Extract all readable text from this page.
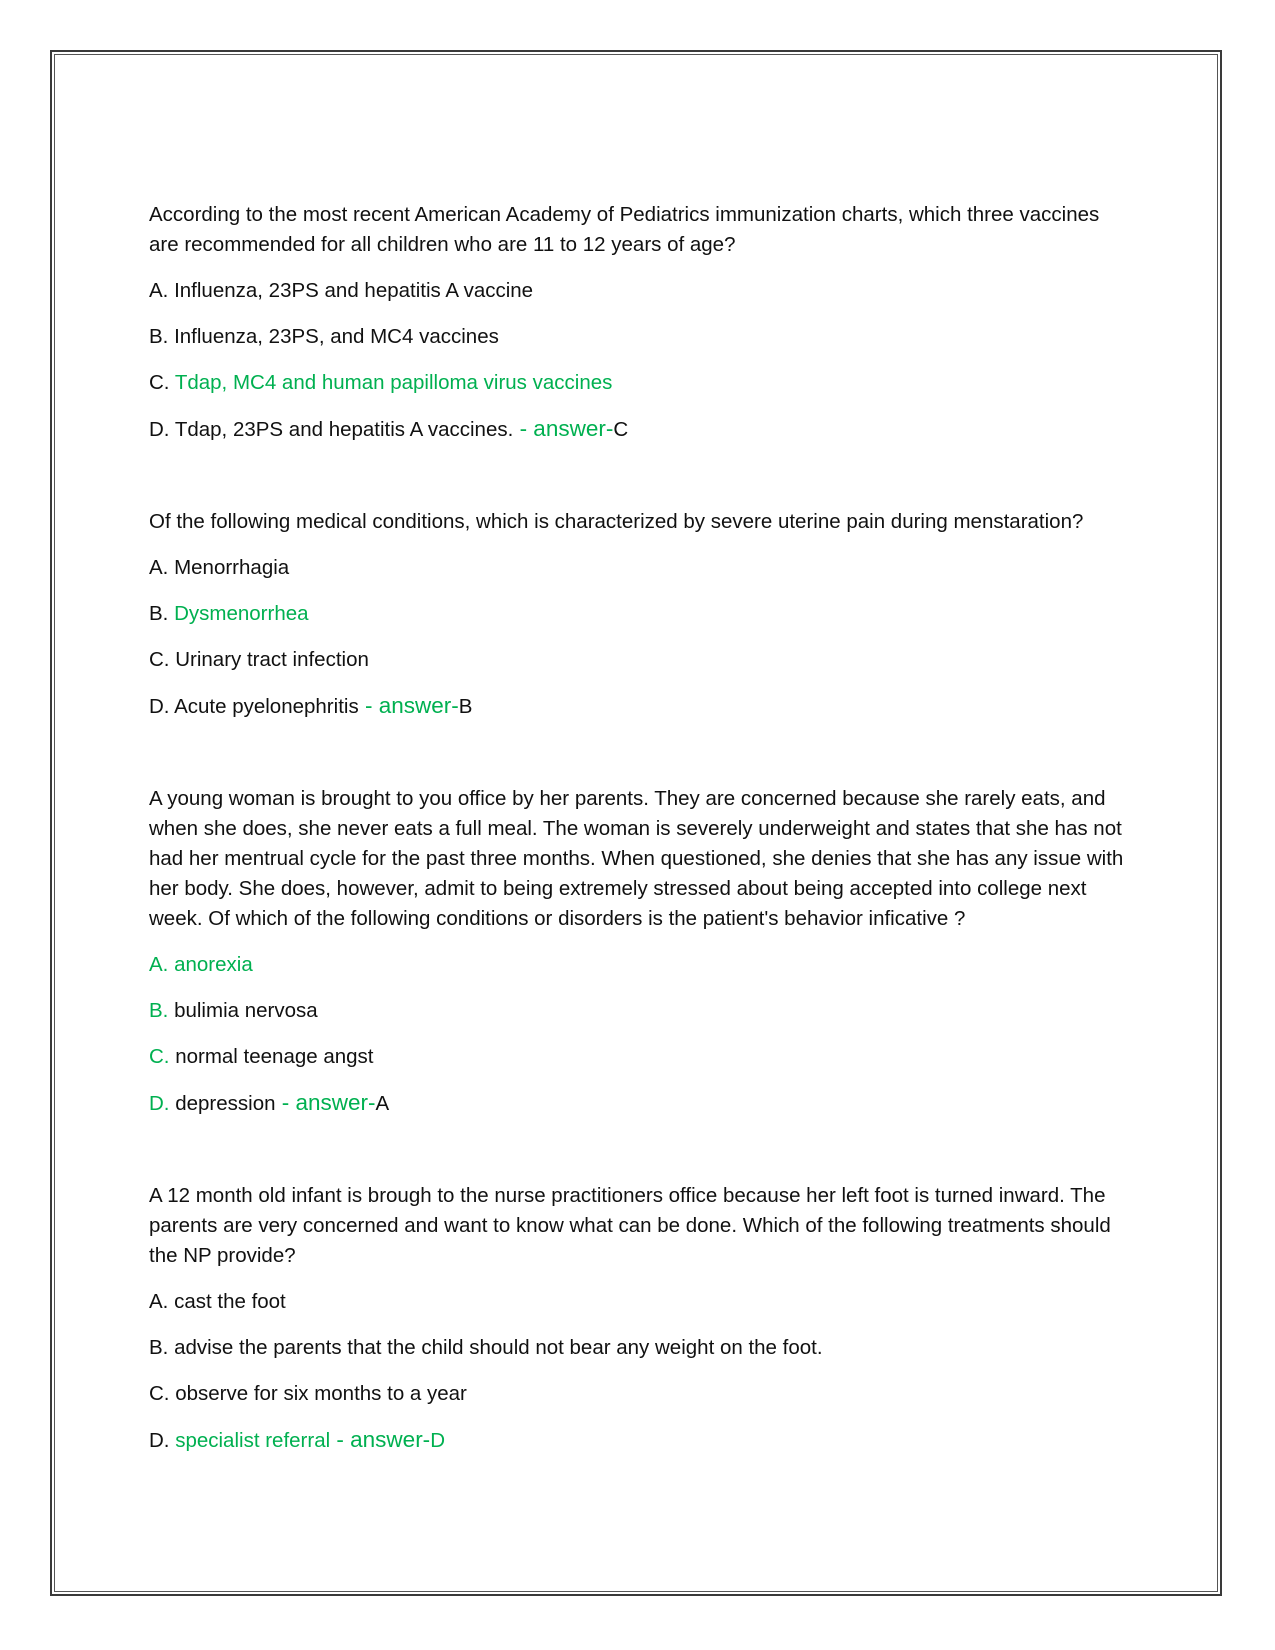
According to the most recent American Academy of Pediatrics immunization charts, which three vaccines are recommended for all children who are 11 to 12 years of age?

A. Influenza, 23PS and hepatitis A vaccine

B. Influenza, 23PS, and MC4 vaccines

C. Tdap, MC4 and human papilloma virus vaccines

D. Tdap, 23PS and hepatitis A vaccines. - answer-C

Of the following medical conditions, which is characterized by severe uterine pain during menstaration?

A. Menorrhagia

B. Dysmenorrhea

C. Urinary tract infection

D. Acute pyelonephritis - answer-B

A young woman is brought to you office by her parents. They are concerned because she rarely eats, and when she does, she never eats a full meal. The woman is severely underweight and states that she has not had her mentrual cycle for the past three months. When questioned, she denies that she has any issue with her body. She does, however, admit to being extremely stressed about being accepted into college next week. Of which of the following conditions or disorders is the patient's behavior inficative ?

A. anorexia

B. bulimia nervosa

C. normal teenage angst

D. depression - answer-A

A 12 month old infant is brough to the nurse practitioners office because her left foot is turned inward. The parents are very concerned and want to know what can be done. Which of the following treatments should the NP provide?

A. cast the foot

B. advise the parents that the child should not bear any weight on the foot.

C. observe for six months to a year

D. specialist referral - answer-D
